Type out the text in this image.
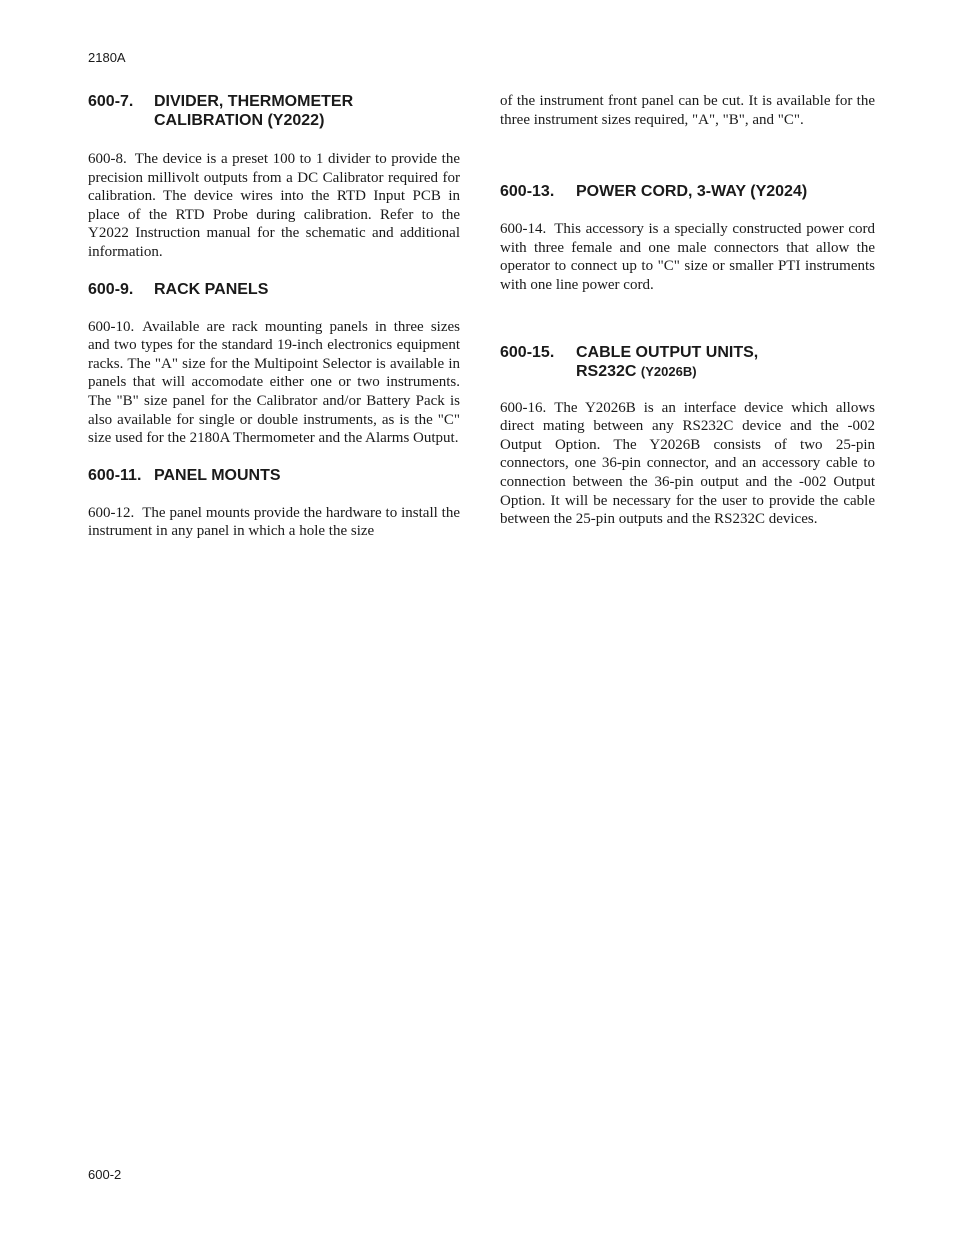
2180A
600-7.	DIVIDER, THERMOMETER
CALIBRATION (Y2022)

600-8. The device is a preset 100 to 1 divider to provide the precision millivolt outputs from a DC Calibrator required for calibration. The device wires into the RTD Input PCB in place of the RTD Probe during calibration. Refer to the Y2022 Instruction manual for the schematic and additional information.

600-9.	RACK PANELS

600-10. Available are rack mounting panels in three sizes and two types for the standard 19-inch electronics equipment racks. The "A" size for the Multipoint Selector is available in panels that will accomodate either one or two instruments. The "B" size panel for the Calibrator and/or Battery Pack is also available for single or double instruments, as is the "C" size used for the 2180A Thermometer and the Alarms Output.

600-11. PANEL MOUNTS

600-12. The panel mounts provide the hardware to install the instrument in any panel in which a hole the size

of the instrument front panel can be cut. It is available for the three instrument sizes required, "A", "B", and "C".

600-13.	POWER CORD, 3-WAY (Y2024)

600-14. This accessory is a specially constructed power cord with three female and one male connectors that allow the operator to connect up to "C" size or smaller PTI instruments with one line power cord.

600-15.	CABLE OUTPUT UNITS,
RS232C (Y2026B)

600-16. The Y2026B is an interface device which allows direct mating between any RS232C device and the -002 Output Option. The Y2026B consists of two 25-pin connectors, one 36-pin connector, and an accessory cable to connection between the 36-pin output and the -002 Output Option. It will be necessary for the user to provide the cable between the 25-pin outputs and the RS232C devices.

600-2
